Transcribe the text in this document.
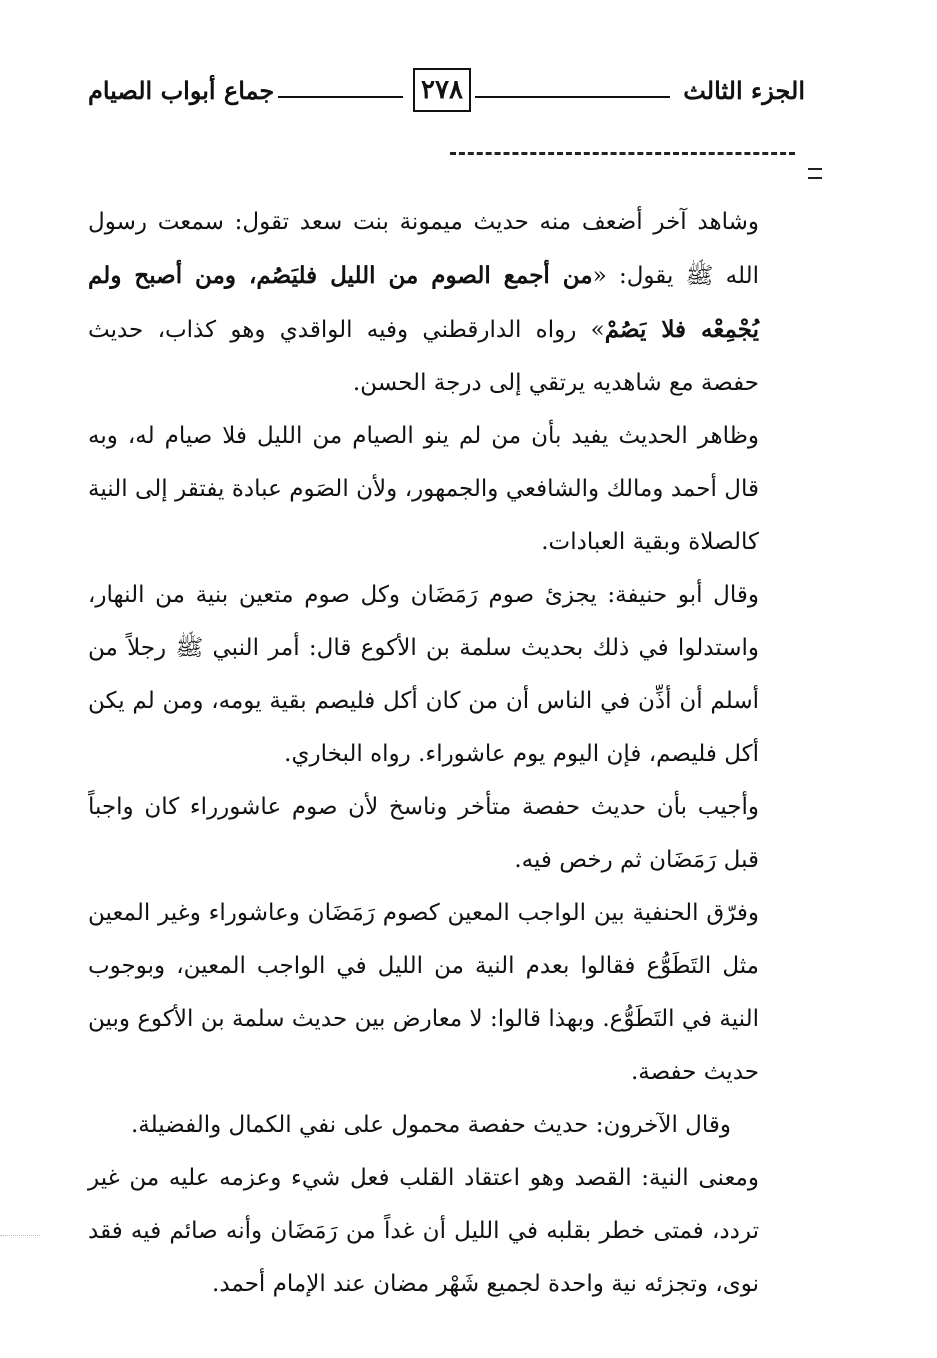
الجزء الثالث
٢٧٨
جماع أبواب الصيام

وشاهد آخر أضعف منه حديث ميمونة بنت سعد تقول: سمعت رسول الله ﷺ يقول: «من أجمع الصوم من الليل فليَصُم، ومن أصبح ولم يُجْمِعْه فلا يَصُمْ» رواه الدارقطني وفيه الواقدي وهو كذاب، حديث حفصة مع شاهديه يرتقي إلى درجة الحسن.

وظاهر الحديث يفيد بأن من لم ينو الصيام من الليل فلا صيام له، وبه قال أحمد ومالك والشافعي والجمهور، ولأن الصَوم عبادة يفتقر إلى النية كالصلاة وبقية العبادات.

وقال أبو حنيفة: يجزئ صوم رَمَضَان وكل صوم متعين بنية من النهار، واستدلوا في ذلك بحديث سلمة بن الأكوع قال: أمر النبي ﷺ رجلاً من أسلم أن أذِّن في الناس أن من كان أكل فليصم بقية يومه، ومن لم يكن أكل فليصم، فإن اليوم يوم عاشوراء. رواه البخاري.

وأجيب بأن حديث حفصة متأخر وناسخ لأن صوم عاشورراء كان واجباً قبل رَمَضَان ثم رخص فيه.

وفرّق الحنفية بين الواجب المعين كصوم رَمَضَان وعاشوراء وغير المعين مثل التَطَوُّع فقالوا بعدم النية من الليل في الواجب المعين، وبوجوب النية في التَطَوُّع. وبهذا قالوا: لا معارض بين حديث سلمة بن الأكوع وبين حديث حفصة.

وقال الآخرون: حديث حفصة محمول على نفي الكمال والفضيلة.

ومعنى النية: القصد وهو اعتقاد القلب فعل شيء وعزمه عليه من غير تردد، فمتى خطر بقلبه في الليل أن غداً من رَمَضَان وأنه صائم فيه فقد نوى، وتجزئه نية واحدة لجميع شَهْر مضان عند الإمام أحمد.
